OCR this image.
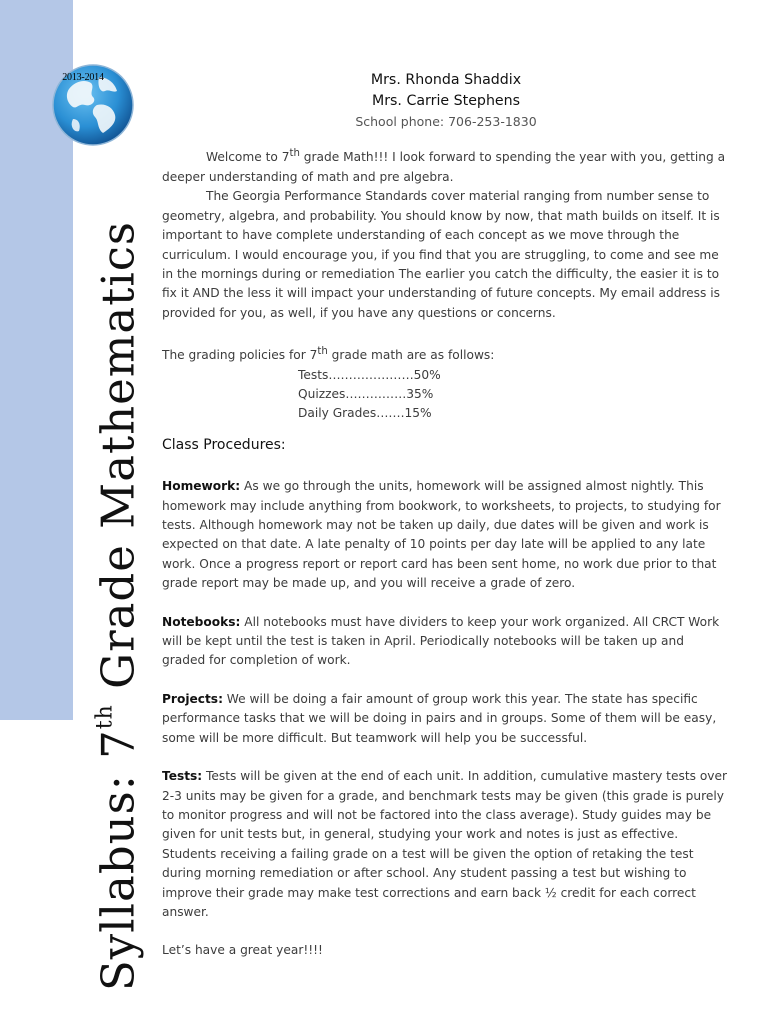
2013-2014
Syllabus: 7th Grade Mathematics
Mrs. Rhonda Shaddix
Mrs. Carrie Stephens
School phone: 706-253-1830

Welcome to 7th grade Math!!! I look forward to spending the year with you, getting a deeper understanding of math and pre algebra.

The Georgia Performance Standards cover material ranging from number sense to geometry, algebra, and probability. You should know by now, that math builds on itself. It is important to have complete understanding of each concept as we move through the curriculum. I would encourage you, if you find that you are struggling, to come and see me in the mornings during or remediation The earlier you catch the difficulty, the easier it is to fix it AND the less it will impact your understanding of future concepts. My email address is provided for you, as well, if you have any questions or concerns.

The grading policies for 7th grade math are as follows:

Tests…………………50%
Quizzes……………35%
Daily Grades…….15%
Class Procedures:

Homework: As we go through the units, homework will be assigned almost nightly. This homework may include anything from bookwork, to worksheets, to projects, to studying for tests. Although homework may not be taken up daily, due dates will be given and work is expected on that date. A late penalty of 10 points per day late will be applied to any late work. Once a progress report or report card has been sent home, no work due prior to that grade report may be made up, and you will receive a grade of zero.

Notebooks: All notebooks must have dividers to keep your work organized. All CRCT Work will be kept until the test is taken in April. Periodically notebooks will be taken up and graded for completion of work.

Projects: We will be doing a fair amount of group work this year. The state has specific performance tasks that we will be doing in pairs and in groups. Some of them will be easy, some will be more difficult. But teamwork will help you be successful.

Tests: Tests will be given at the end of each unit. In addition, cumulative mastery tests over 2-3 units may be given for a grade, and benchmark tests may be given (this grade is purely to monitor progress and will not be factored into the class average). Study guides may be given for unit tests but, in general, studying your work and notes is just as effective. Students receiving a failing grade on a test will be given the option of retaking the test during morning remediation or after school. Any student passing a test but wishing to improve their grade may make test corrections and earn back ½ credit for each correct answer.

Let’s have a great year!!!!
